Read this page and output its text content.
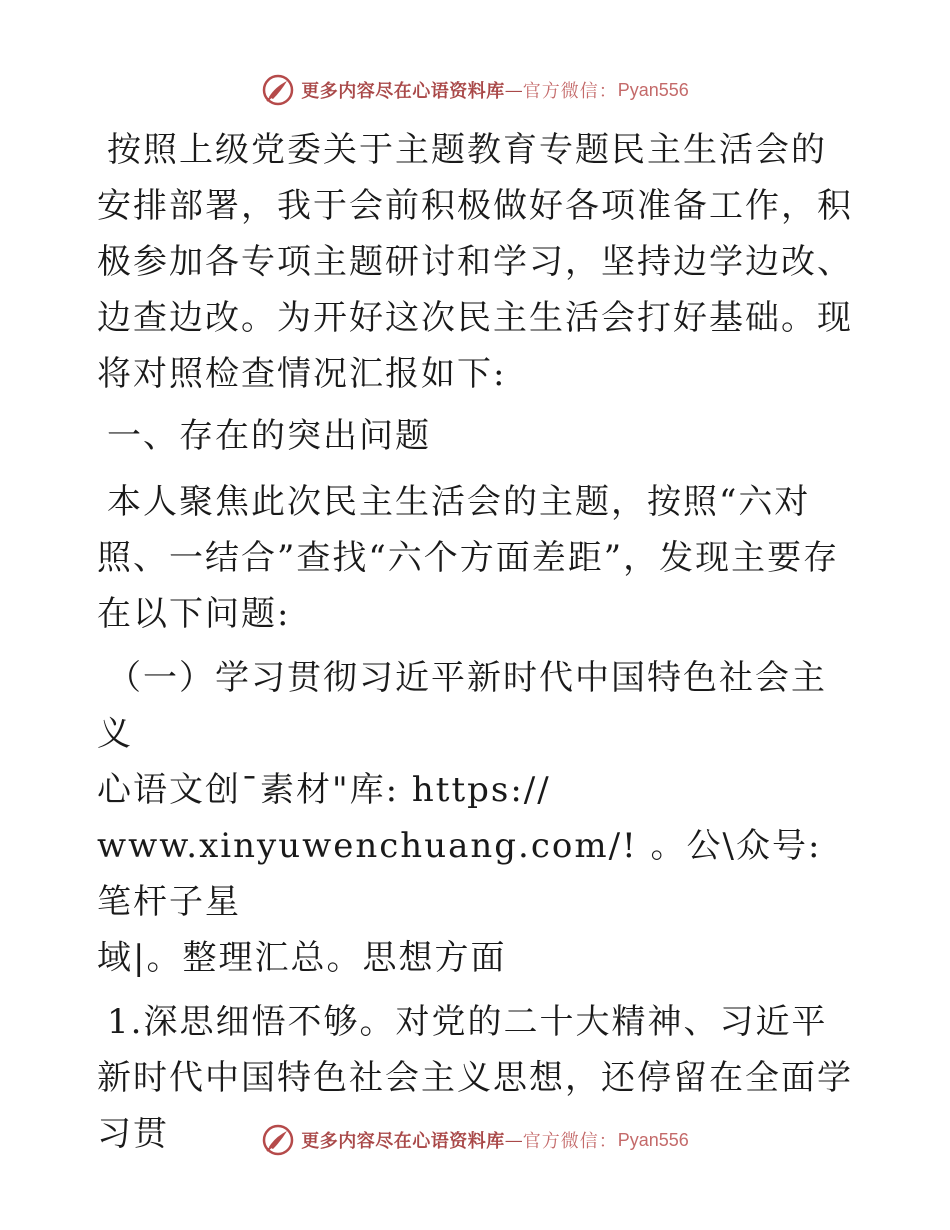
更多内容尽在心语资料库 — 官方微信： Pyan556

按照上级党委关于主题教育专题民主生活会的安排部署，我于会前积极做好各项准备工作，积极参加各专项主题研讨和学习，坚持边学边改、边查边改。为开好这次民主生活会打好基础。现将对照检查情况汇报如下:

一、存在的突出问题

本人聚焦此次民主生活会的主题，按照“六对照、一结合”查找“六个方面差距”，发现主要存在以下问题:

（一）学习贯彻习近平新时代中国特色社会主义
心语文创¯素材"库: https://
www.xinyuwenchuang.com/! 。公\众号: 笔杆子星
域|。整理汇总。思想方面

1.深思细悟不够。对党的二十大精神、习近平新时代中国特色社会主义思想，还停留在全面学习贯	更多内容尽在心语资料库 — 官方微信： Pyan556
